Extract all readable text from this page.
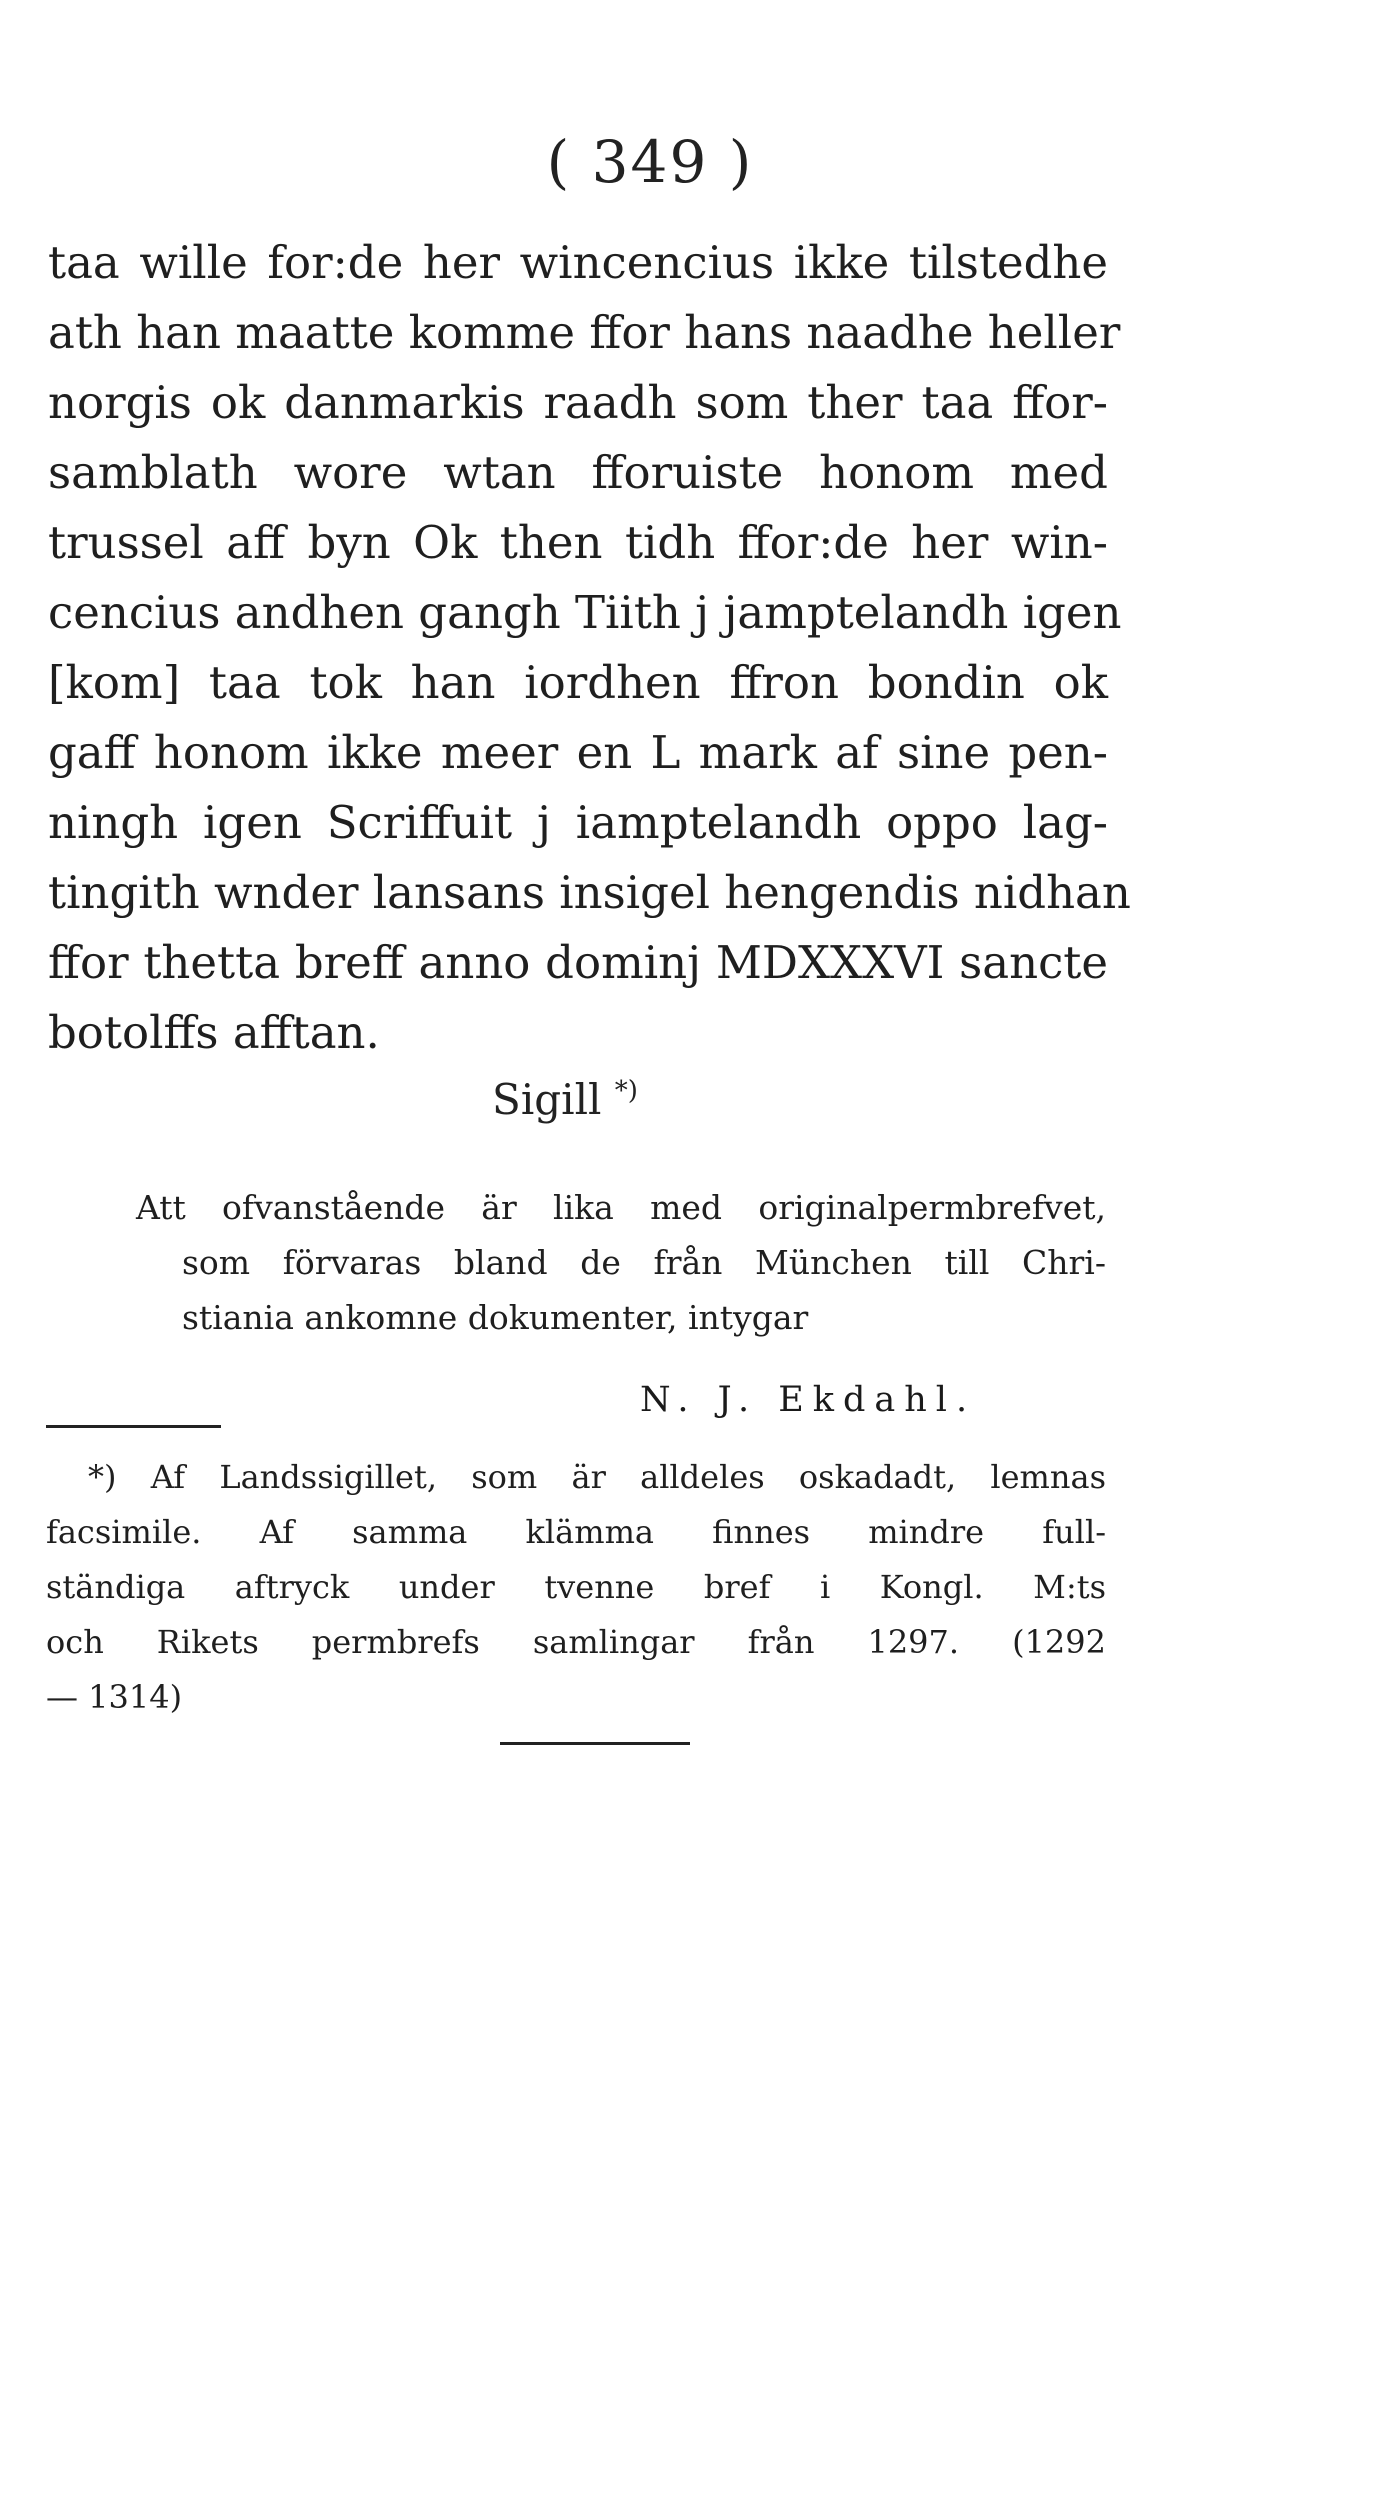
( 349 )
taa wille for:de her wincencius ikke tilstedhe
ath han maatte komme ffor hans naadhe heller
norgis ok danmarkis raadh som ther taa ffor-
samblath wore wtan fforuiste honom med
trussel aff byn Ok then tidh ffor:de her win-
cencius andhen gangh Tiith j jamptelandh igen
[kom] taa tok han iordhen ffron bondin ok
gaff honom ikke meer en L mark af sine pen-
ningh igen Scriffuit j iamptelandh oppo lag-
tingith wnder lansans insigel hengendis nidhan
ffor thetta breff anno dominj MDXXXVI sancte
botolffs afftan.
Sigill *)
Att ofvanstående är lika med originalpermbrefvet,
som förvaras bland de från München till Chri-
stiania ankomne dokumenter, intygar
N. J. Ekdahl.
*) Af Landssigillet, som är alldeles oskadadt, lemnas
facsimile. Af samma klämma finnes mindre full-
ständiga aftryck under tvenne bref i Kongl. M:ts
och Rikets permbrefs samlingar från 1297. (1292
— 1314)
